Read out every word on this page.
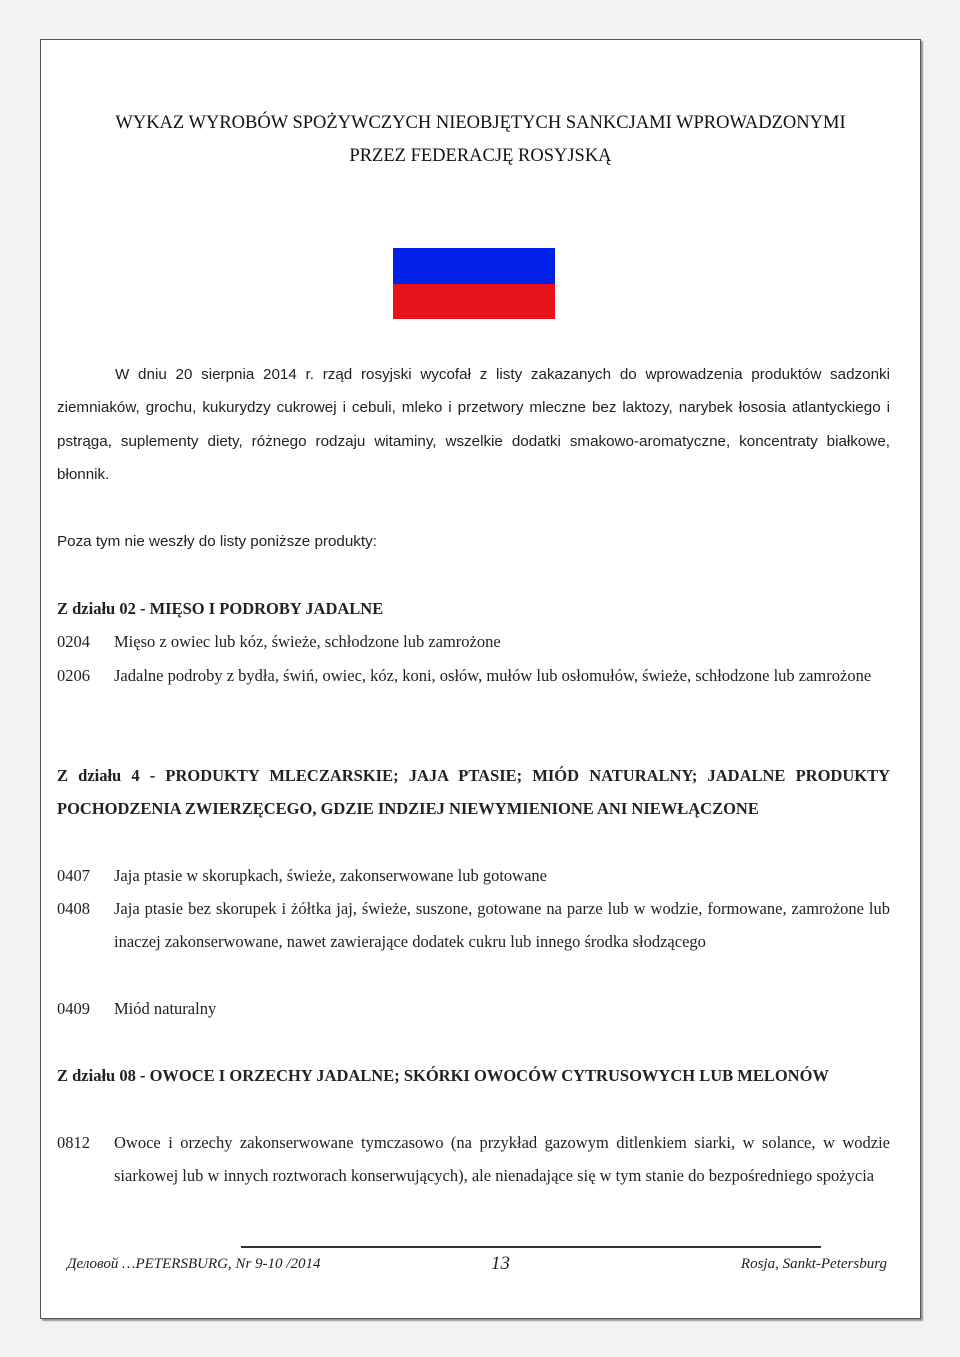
WYKAZ WYROBÓW SPOŻYWCZYCH NIEOBJĘTYCH SANKCJAMI WPROWADZONYMI
PRZEZ FEDERACJĘ ROSYJSKĄ
W dniu 20 sierpnia 2014 r. rząd rosyjski wycofał z listy zakazanych do wprowadzenia produktów sadzonki ziemniaków, grochu, kukurydzy cukrowej i cebuli, mleko i przetwory mleczne bez laktozy, narybek łososia atlantyckiego i pstrąga, suplementy diety, różnego rodzaju witaminy, wszelkie dodatki smakowo-aromatyczne, koncentraty białkowe, błonnik.
Poza tym nie weszły do listy poniższe produkty:
Z działu 02 - MIĘSO I PODROBY JADALNE
0204	Mięso z owiec lub kóz, świeże, schłodzone lub zamrożone
0206	Jadalne podroby z bydła, świń, owiec, kóz, koni, osłów, mułów lub osłomułów, świeże, schłodzone lub zamrożone
Z działu 4 - PRODUKTY MLECZARSKIE; JAJA PTASIE; MIÓD NATURALNY; JADALNE PRODUKTY POCHODZENIA ZWIERZĘCEGO, GDZIE INDZIEJ NIEWYMIENIONE ANI NIEWŁĄCZONE
0407	Jaja ptasie w skorupkach, świeże, zakonserwowane lub gotowane
0408	Jaja ptasie bez skorupek i żółtka jaj, świeże, suszone, gotowane na parze lub w wodzie, formowane, zamrożone lub inaczej zakonserwowane, nawet zawierające dodatek cukru lub innego środka słodzącego
0409	Miód naturalny
Z działu 08 - OWOCE I ORZECHY JADALNE; SKÓRKI OWOCÓW CYTRUSOWYCH LUB MELONÓW
0812	Owoce i orzechy zakonserwowane tymczasowo (na przykład gazowym ditlenkiem siarki, w solance, w wodzie siarkowej lub w innych roztworach konserwujących), ale nienadające się w tym stanie do bezpośredniego spożycia
Деловой …PETERSBURG, Nr 9-10 /2014	13	Rosja, Sankt-Petersburg
